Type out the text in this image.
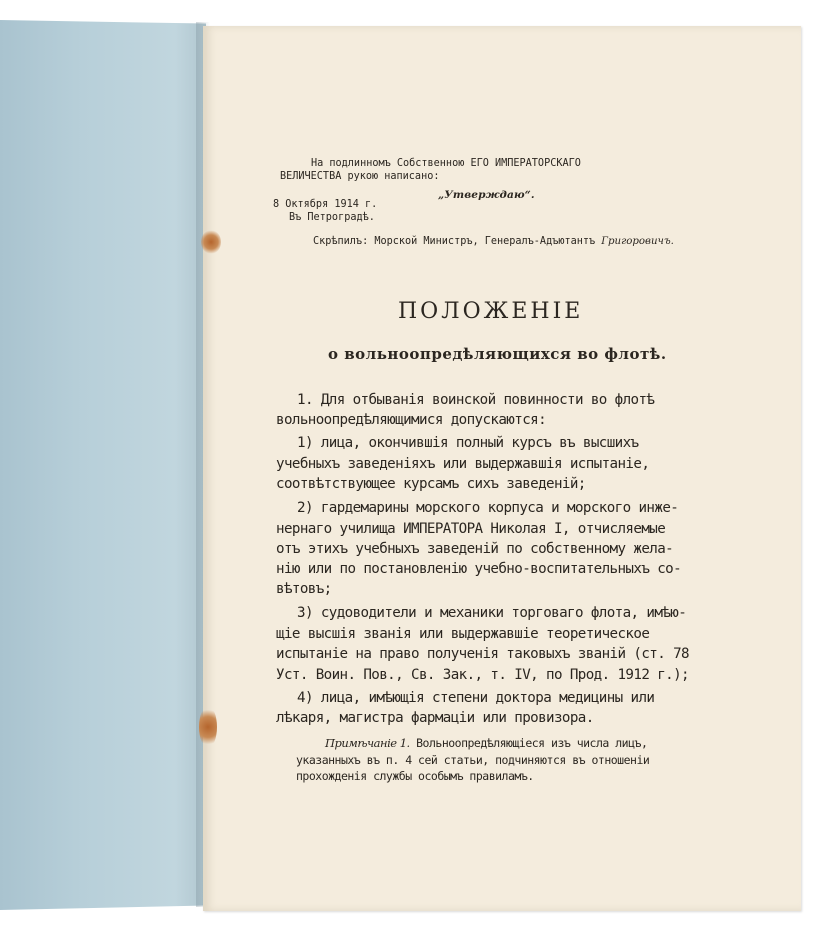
На подлинномъ Собственною ЕГО ИМПЕРАТОРСКАГО

ВЕЛИЧЕСТВА рукою написано:

„Утверждаю“.

8 Октября 1914 г.

Въ Петроградѣ.

Скрѣпилъ: Морской Министръ, Генералъ-Адъютантъ Григоровичъ.

ПОЛОЖЕНIЕ

о вольноопредѣляющихся во флотѣ.

1. Для отбыванія воинской повинности во флотѣ

вольноопредѣляющимися допускаются:

1) лица, окончившія полный курсъ въ высшихъ

учебныхъ заведеніяхъ или выдержавшія испытаніе,

соотвѣтствующее курсамъ сихъ заведеній;

2) гардемарины морского корпуса и морского инже-

нернаго училища ИМПЕРАТОРА Николая I, отчисляемые

отъ этихъ учебныхъ заведеній по собственному жела-

нію или по постановленію учебно-воспитательныхъ со-

вѣтовъ;

3) судоводители и механики торговаго флота, имѣю-

щіе высшія званія или выдержавшіе теоретическое

испытаніе на право полученія таковыхъ званій (ст. 78

Уст. Воин. Пов., Св. Зак., т. IV, по Прод. 1912 г.);

4) лица, имѣющія степени доктора медицины или

лѣкаря, магистра фармаціи или провизора.

Примѣчаніе 1. Вольноопредѣляющіеся изъ числа лицъ,

указанныхъ въ п. 4 сей статьи, подчиняются въ отношеніи

прохожденія службы особымъ правиламъ.
